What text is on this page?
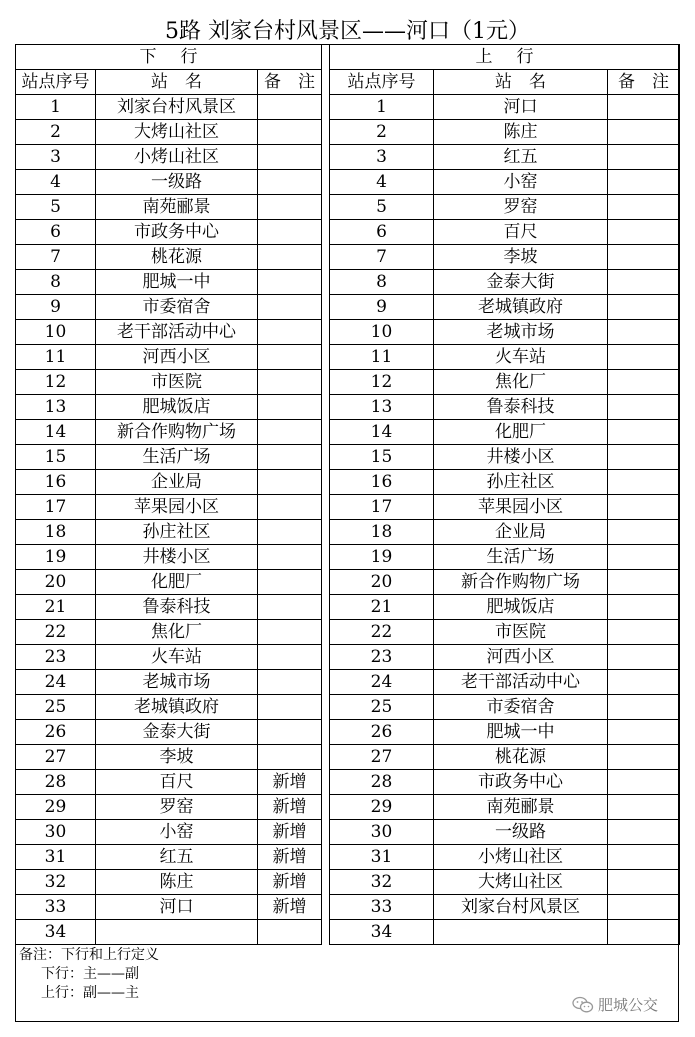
5路 刘家台村风景区——河口（1元）
下行		
站点序号	站　名	备　注
1	刘家台村风景区	
2	大烤山社区	
3	小烤山社区	
4	一级路	
5	南苑郦景	
6	市政务中心	
7	桃花源	
8	肥城一中	
9	市委宿舍	
10	老干部活动中心	
11	河西小区	
12	市医院	
13	肥城饭店	
14	新合作购物广场	
15	生活广场	
16	企业局	
17	苹果园小区	
18	孙庄社区	
19	井楼小区	
20	化肥厂	
21	鲁泰科技	
22	焦化厂	
23	火车站	
24	老城市场	
25	老城镇政府	
26	金泰大街	
27	李坡	
28	百尺	新增
29	罗窑	新增
30	小窑	新增
31	红五	新增
32	陈庄	新增
33	河口	新增
34		
上行		
站点序号	站　名	备　注
1	河口	
2	陈庄	
3	红五	
4	小窑	
5	罗窑	
6	百尺	
7	李坡	
8	金泰大街	
9	老城镇政府	
10	老城市场	
11	火车站	
12	焦化厂	
13	鲁泰科技	
14	化肥厂	
15	井楼小区	
16	孙庄社区	
17	苹果园小区	
18	企业局	
19	生活广场	
20	新合作购物广场	
21	肥城饭店	
22	市医院	
23	河西小区	
24	老干部活动中心	
25	市委宿舍	
26	肥城一中	
27	桃花源	
28	市政务中心	
29	南苑郦景	
30	一级路	
31	小烤山社区	
32	大烤山社区	
33	刘家台村风景区	
34		
备注：下行和上行定义
下行：主——副
上行：副——主
肥城公交
